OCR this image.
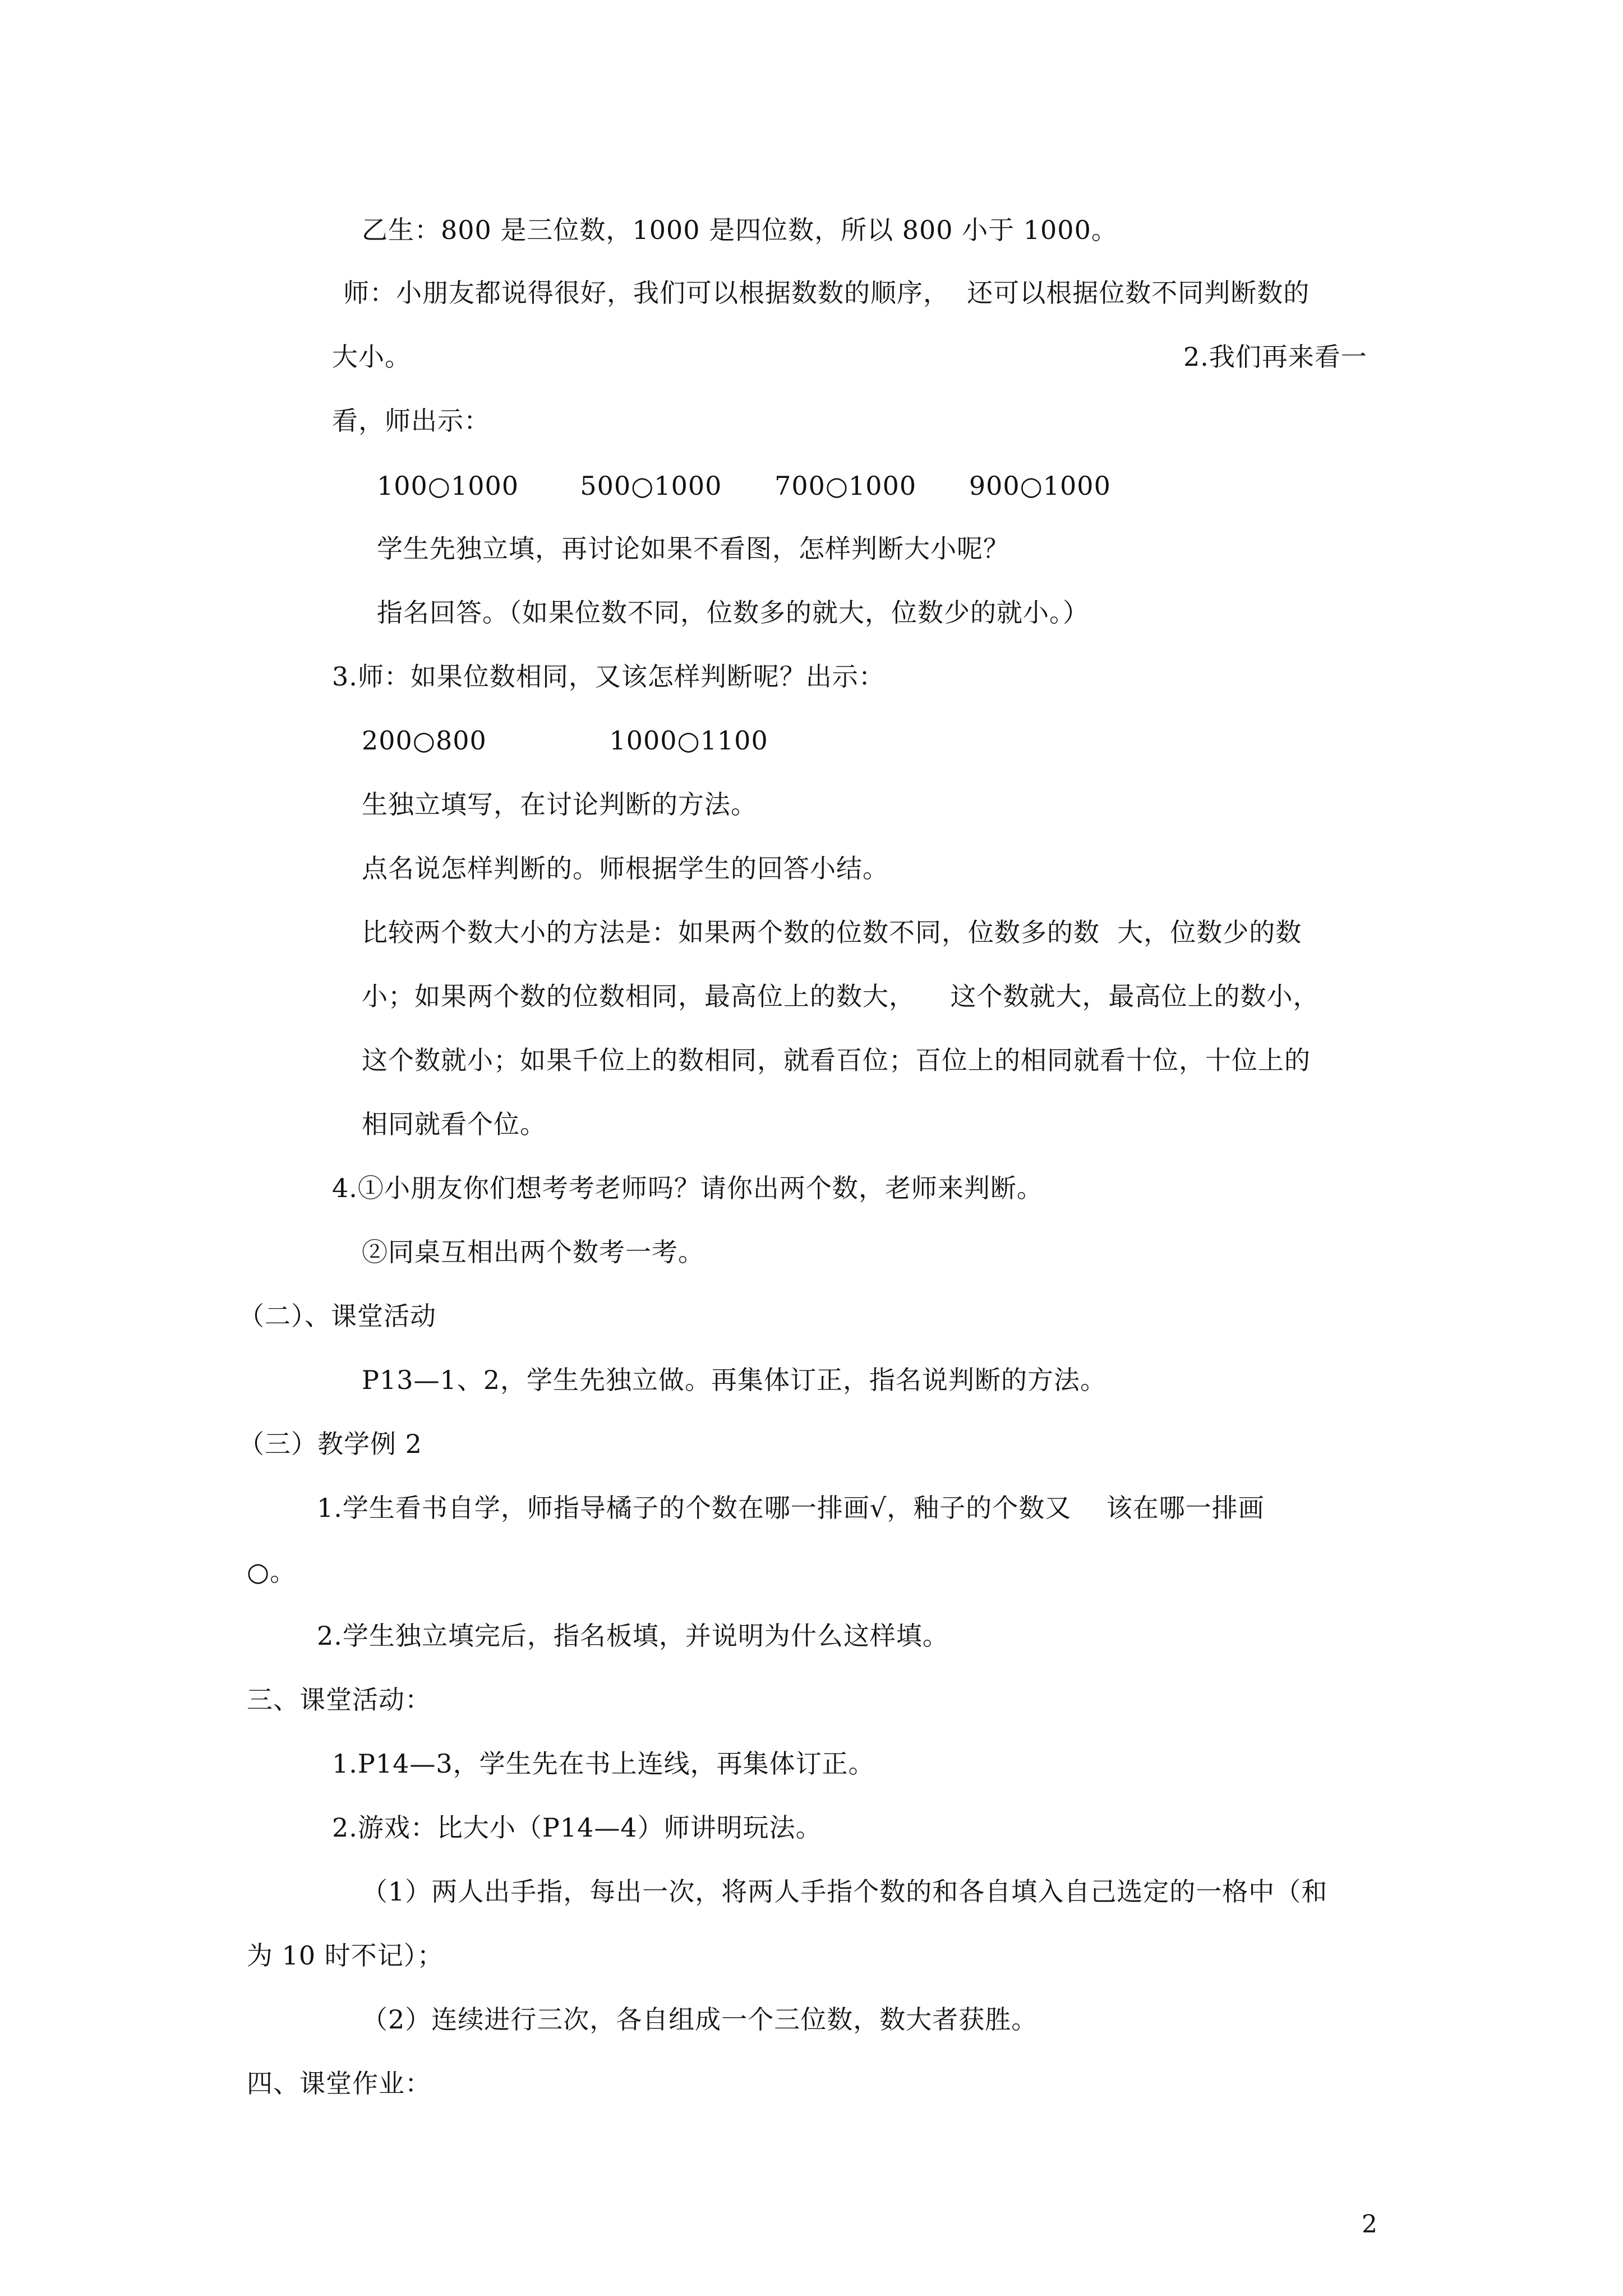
乙生：800 是三位数，1000 是四位数，所以 800 小于 1000。
师：小朋友都说得很好，我们可以根据数数的顺序，  还可以根据位数不同判断数的
大小。	2.我们再来看一
看，师出示：
100○1000       500○1000      700○1000      900○1000
学生先独立填，再讨论如果不看图，怎样判断大小呢？
指名回答。（如果位数不同，位数多的就大，位数少的就小。）
3.师：如果位数相同，又该怎样判断呢？出示：
200○800              1000○1100
生独立填写，在讨论判断的方法。
点名说怎样判断的。师根据学生的回答小结。
比较两个数大小的方法是：如果两个数的位数不同，位数多的数  大，位数少的数
小；如果两个数的位数相同，最高位上的数大，    这个数就大，最高位上的数小，
这个数就小；如果千位上的数相同，就看百位；百位上的相同就看十位，十位上的
相同就看个位。
4.①小朋友你们想考考老师吗？请你出两个数，老师来判断。
②同桌互相出两个数考一考。
（二）、课堂活动
P13—1、2，学生先独立做。再集体订正，指名说判断的方法。
（三）教学例 2
1.学生看书自学，师指导橘子的个数在哪一排画√，釉子的个数又    该在哪一排画
○。
2.学生独立填完后，指名板填，并说明为什么这样填。
三、课堂活动：
1.P14—3，学生先在书上连线，再集体订正。
2.游戏：比大小（P14—4）师讲明玩法。
（1）两人出手指，每出一次，将两人手指个数的和各自填入自己选定的一格中（和
为 10 时不记）；
（2）连续进行三次，各自组成一个三位数，数大者获胜。
四、课堂作业：
2
